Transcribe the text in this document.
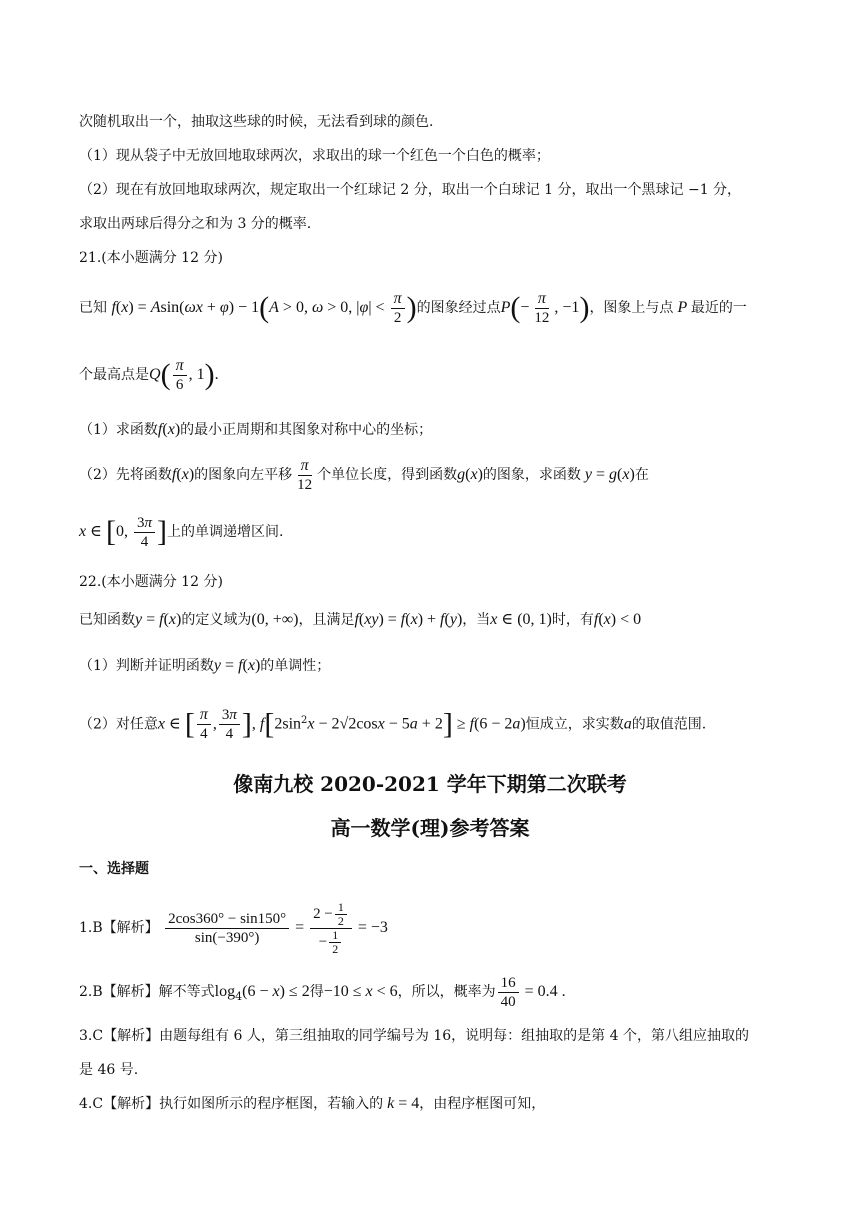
次随机取出一个，抽取这些球的时候，无法看到球的颜色.
（1）现从袋子中无放回地取球两次，求取出的球一个红色一个白色的概率；
（2）现在有放回地取球两次，规定取出一个红球记 2 分，取出一个白球记 1 分，取出一个黑球记 −1 分，
求取出两球后得分之和为 3 分的概率.
21.(本小题满分 12 分)
已知 f(x) = Asin(ωx + φ) − 1(A > 0, ω > 0, $|\varphi| < \frac{\pi}{2}$ )的图象经过点$P(- \frac{\pi}{12}$ , −1)，图象上与点 P 最近的一
个最高点是$Q( \frac{\pi}{6}$ , 1).
（1）求函数f(x)的最小正周期和其图象对称中心的坐标；
（2）先将函数f(x)的图象向左平移 $\frac{\pi}{12}$ 个单位长度，得到函数g(x)的图象，求函数 y = g(x)在
x ∈ [0, $\frac{3\pi}{4}$ ]上的单调递增区间.
22.(本小题满分 12 分)
已知函数y = f(x)的定义域为(0, +∞)，且满足f(xy) = f(x) + f(y)，当x ∈ (0, 1)时，有f(x) < 0
（1）判断并证明函数y = f(x)的单调性；
（2）对任意x ∈ [ $\frac{\pi}{4}$ , $\frac{3\pi}{4}$ ], $f[2\sin^2x - 2√2\cos x - 5a + 2] \ge f(6 - 2a)$恒成立，求实数a的取值范围.
像南九校 2020-2021 学年下期第二次联考
高一数学(理)参考答案
一、选择题
1.B【解析】 $\frac{2\cos 360^\circ - \sin 150^\circ}{\sin(-390^\circ)} = \frac{2 - \frac{1}{2}}{- \frac{1}{2}} = -3$
2.B【解析】解不等式$\log_4(6 - x) \le 2$得−10 ≤ x < 6，所以，概率为 $\frac{16}{40} = 0.4$ .
3.C【解析】由题每组有 6 人，第三组抽取的同学编号为 16，说明每：组抽取的是第 4 个，第八组应抽取的
是 46 号.
4.C【解析】执行如图所示的程序框图，若输入的 k = 4，由程序框图可知，
